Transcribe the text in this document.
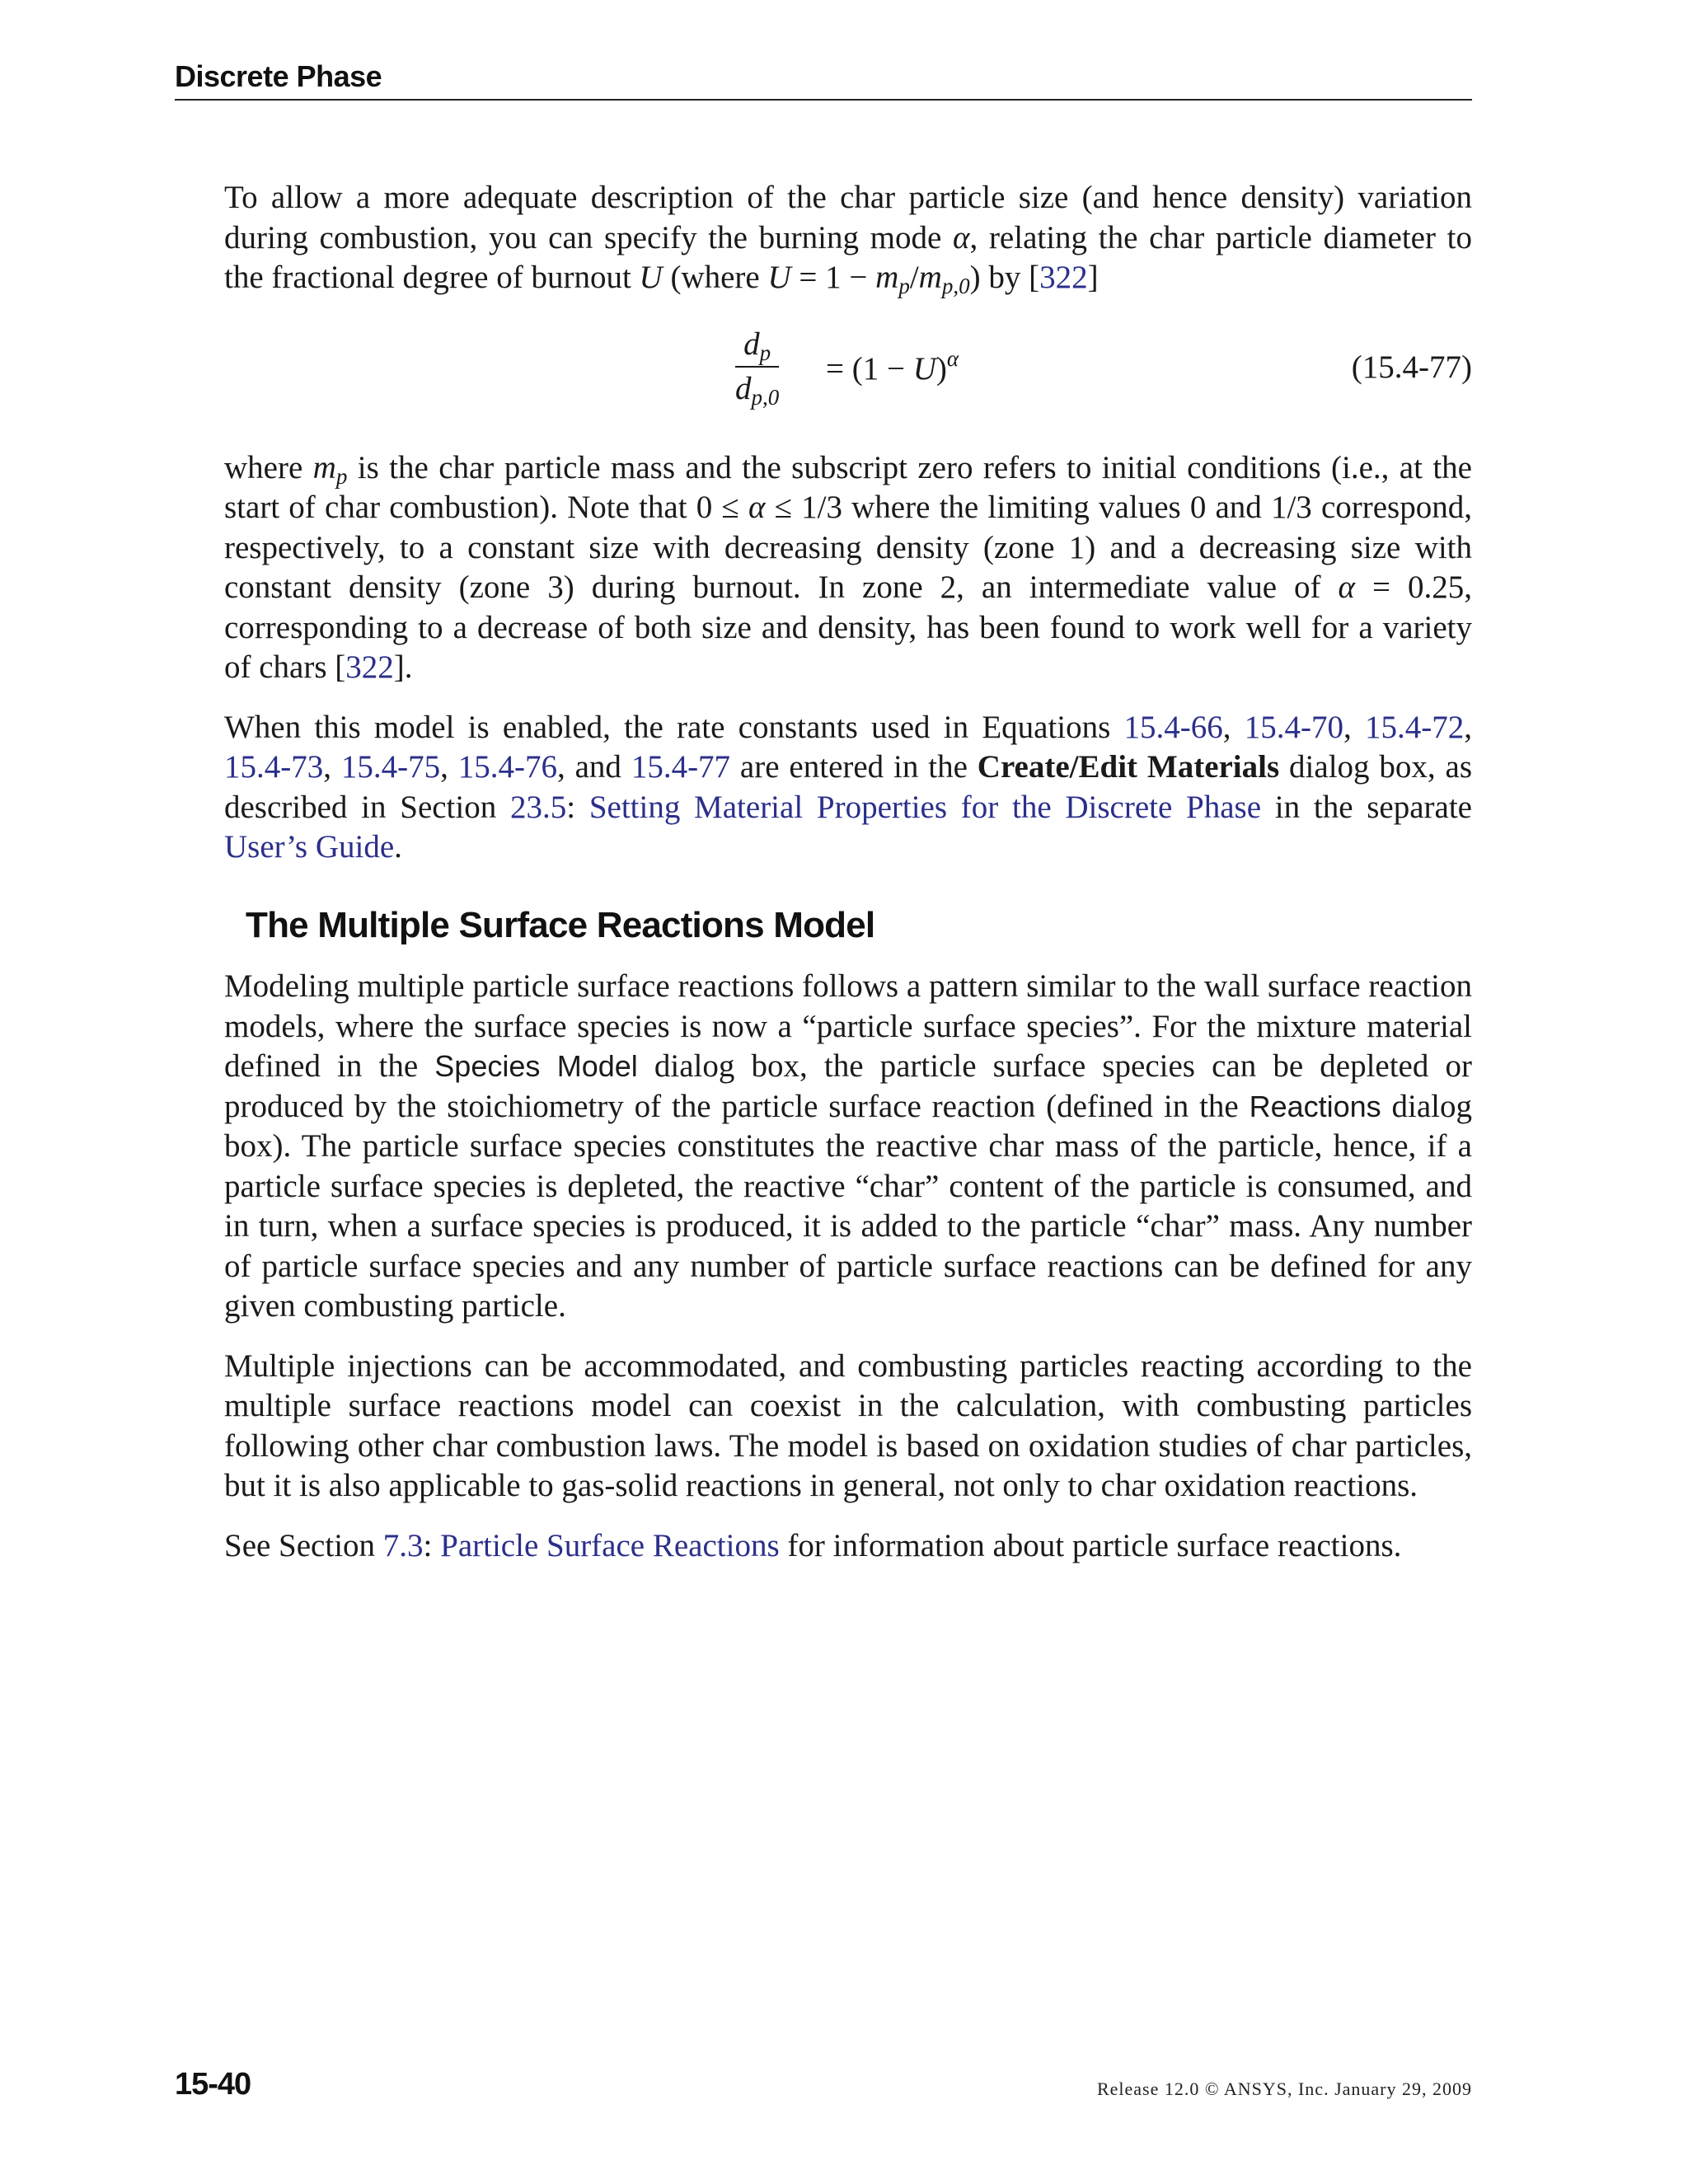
Discrete Phase

To allow a more adequate description of the char particle size (and hence density) variation during combustion, you can specify the burning mode α, relating the char particle diameter to the fractional degree of burnout U (where $U = 1 - m_p/m_{p,0}$) by [322]

$\frac{d_p}{d_{p,0}} = (1 - U)^\alpha$	(15.4-77)

where $m_p$ is the char particle mass and the subscript zero refers to initial conditions (i.e., at the start of char combustion). Note that 0 ≤ α ≤ 1/3 where the limiting values 0 and 1/3 correspond, respectively, to a constant size with decreasing density (zone 1) and a decreasing size with constant density (zone 3) during burnout. In zone 2, an intermediate value of α = 0.25, corresponding to a decrease of both size and density, has been found to work well for a variety of chars [322].

When this model is enabled, the rate constants used in Equations 15.4-66, 15.4-70, 15.4-72, 15.4-73, 15.4-75, 15.4-76, and 15.4-77 are entered in the Create/Edit Materials dialog box, as described in Section 23.5: Setting Material Properties for the Discrete Phase in the separate User’s Guide.

The Multiple Surface Reactions Model

Modeling multiple particle surface reactions follows a pattern similar to the wall surface reaction models, where the surface species is now a “particle surface species”. For the mixture material defined in the Species Model dialog box, the particle surface species can be depleted or produced by the stoichiometry of the particle surface reaction (defined in the Reactions dialog box). The particle surface species constitutes the reactive char mass of the particle, hence, if a particle surface species is depleted, the reactive “char” content of the particle is consumed, and in turn, when a surface species is produced, it is added to the particle “char” mass. Any number of particle surface species and any number of particle surface reactions can be defined for any given combusting particle.

Multiple injections can be accommodated, and combusting particles reacting according to the multiple surface reactions model can coexist in the calculation, with combusting particles following other char combustion laws. The model is based on oxidation studies of char particles, but it is also applicable to gas-solid reactions in general, not only to char oxidation reactions.

See Section 7.3: Particle Surface Reactions for information about particle surface reactions.

15-40	Release 12.0 © ANSYS, Inc. January 29, 2009
